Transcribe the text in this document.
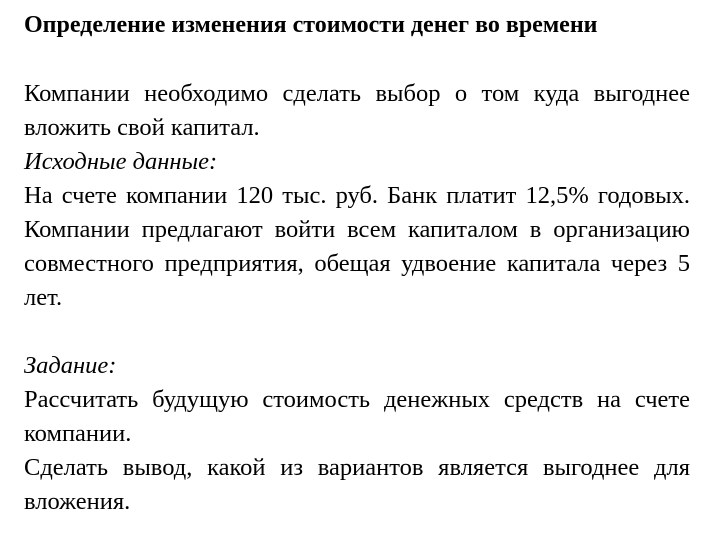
Определение изменения стоимости денег во времени

Компании необходимо сделать выбор о том куда выгоднее вложить свой капитал.

Исходные данные:

На счете компании 120 тыс. руб. Банк платит 12,5% годовых. Компании предлагают войти всем капиталом в организацию совместного предприятия, обещая удвоение капитала через 5 лет.

Задание:

Рассчитать будущую стоимость денежных средств на счете компании.

Сделать вывод, какой из вариантов является выгоднее для вложения.
